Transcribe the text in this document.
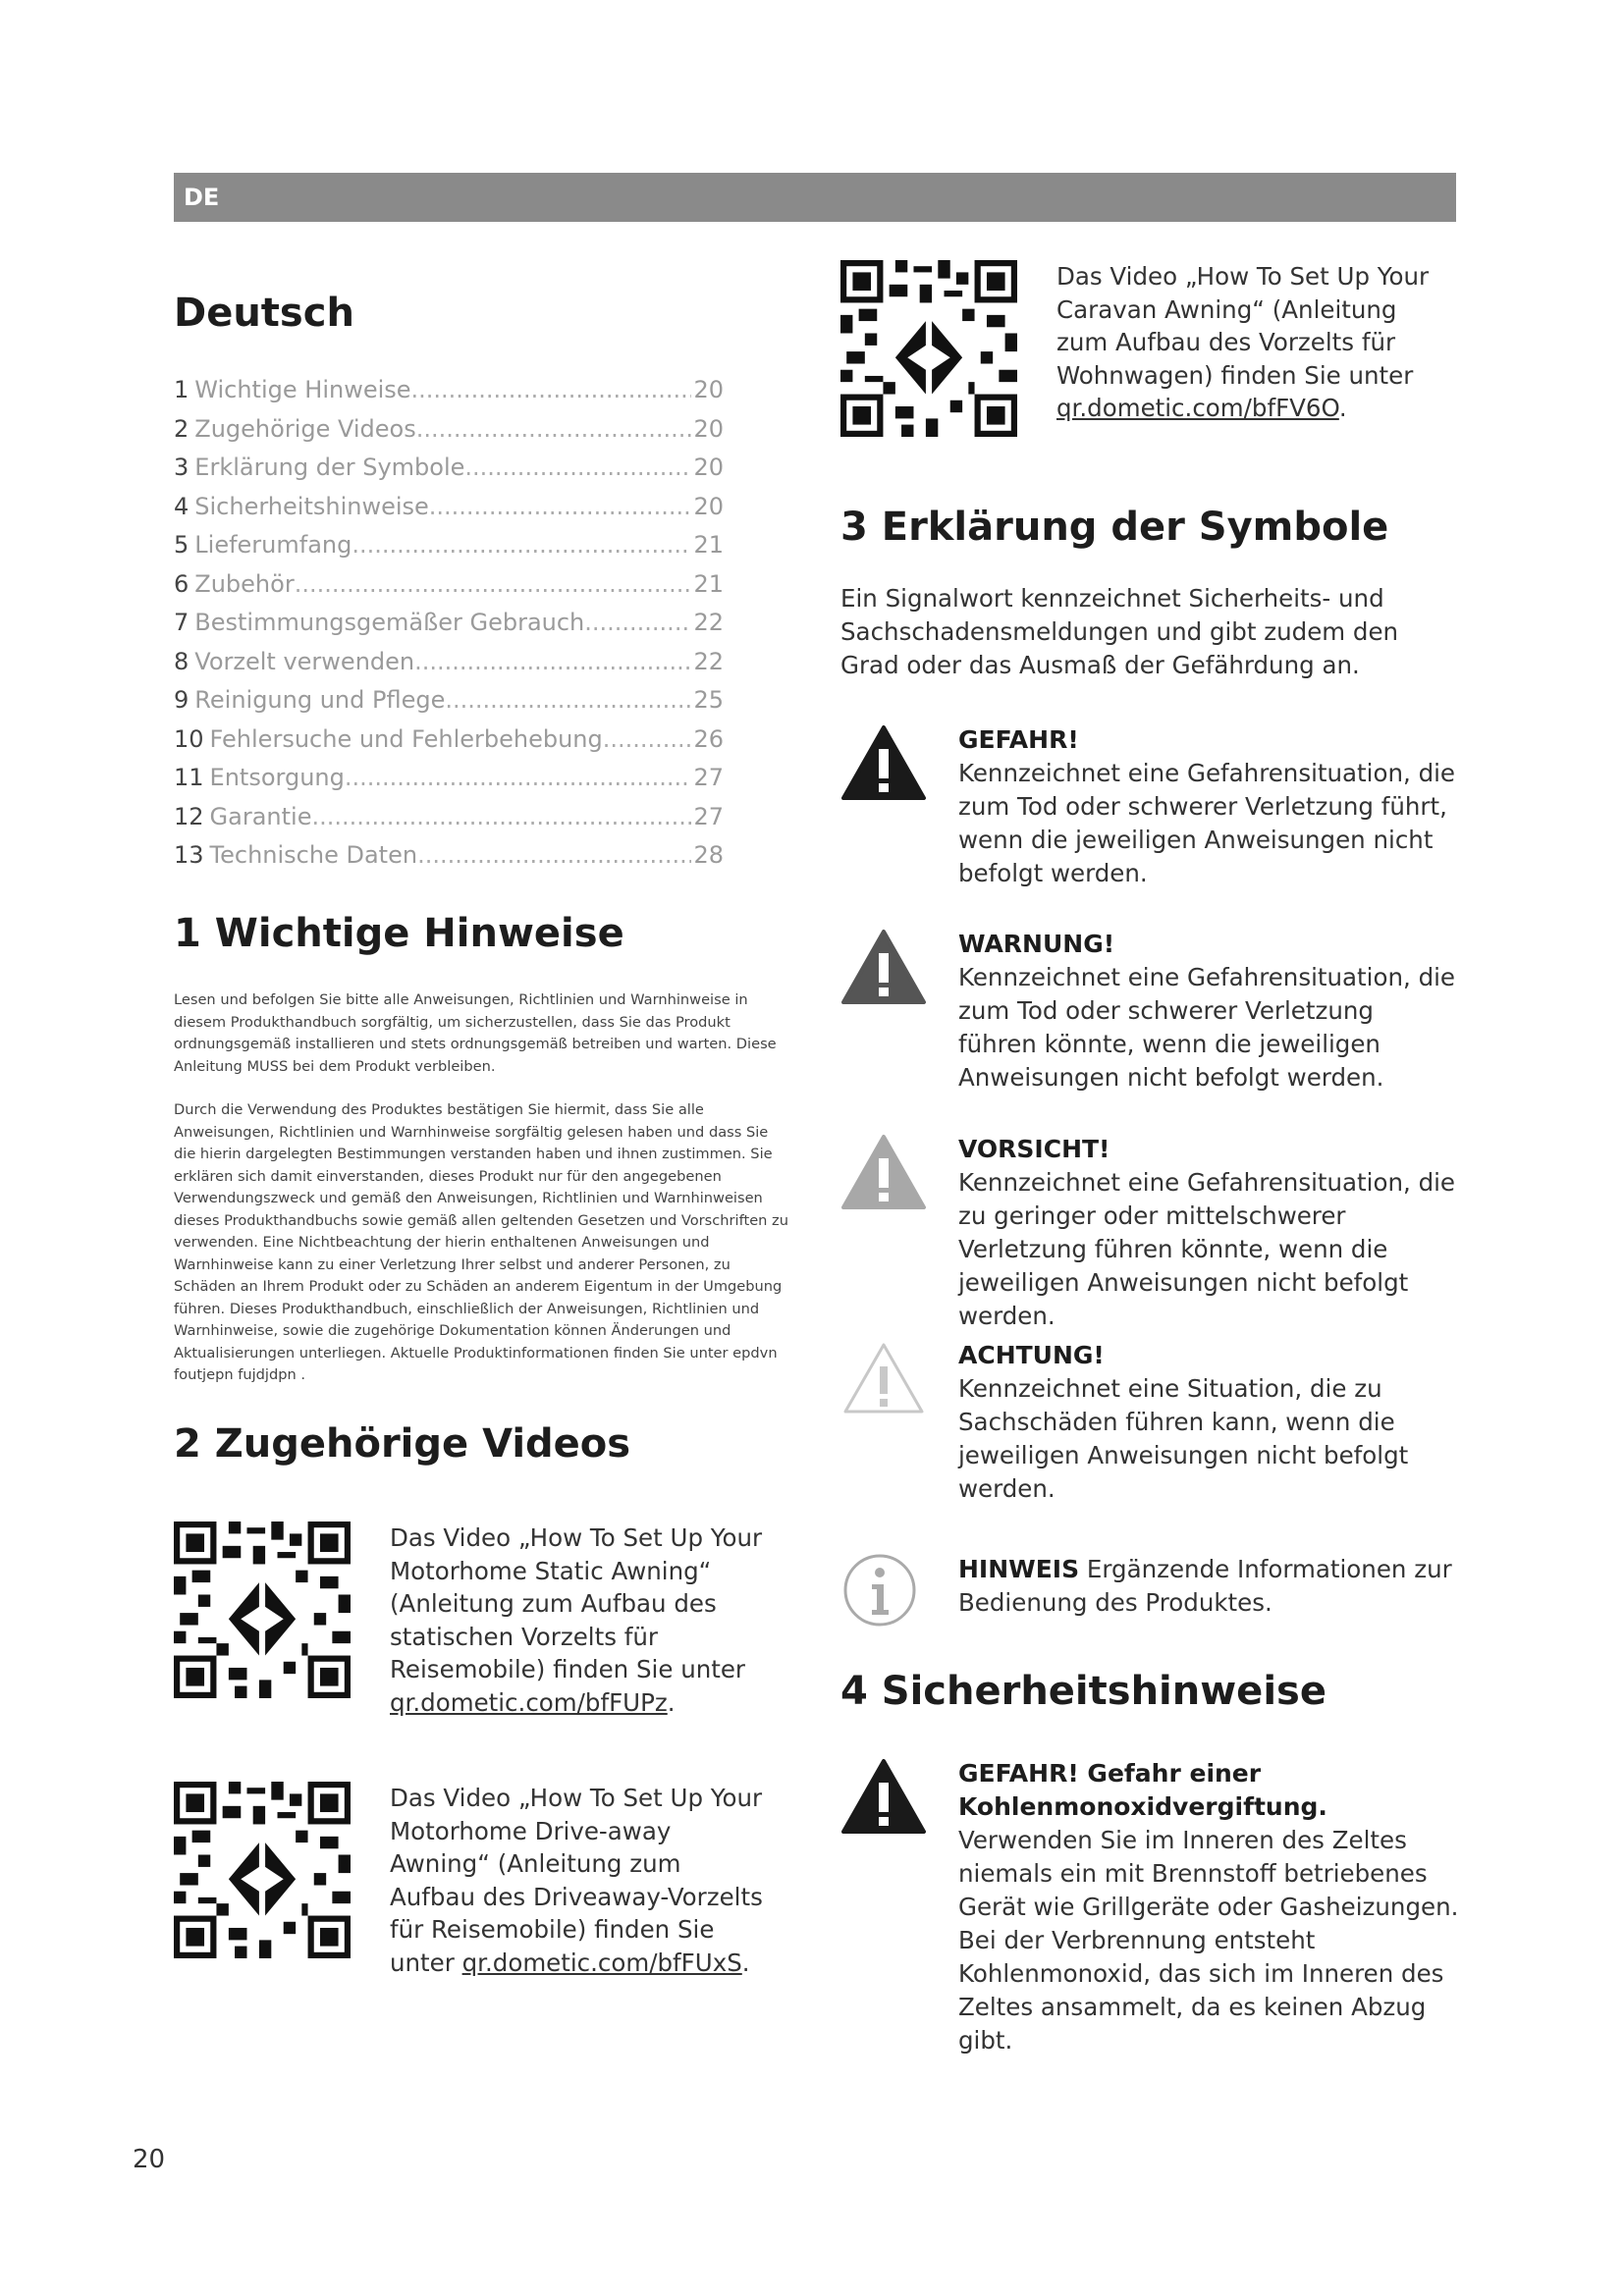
DE
Deutsch
1 Wichtige Hinweise .....	20
2 Zugehörige Videos .....	20
3 Erklärung der Symbole .....	20
4 Sicherheitshinweise .....	20
5 Lieferumfang .....	21
6 Zubehör .....	21
7 Bestimmungsgemäßer Gebrauch .....	22
8 Vorzelt verwenden .....	22
9 Reinigung und Pflege .....	25
10 Fehlersuche und Fehlerbehebung .....	26
11 Entsorgung .....	27
12 Garantie .....	27
13 Technische Daten .....	28
1 Wichtige Hinweise

Lesen und befolgen Sie bitte alle Anweisungen, Richtlinien und Warnhinweise in diesem Produkthandbuch sorgfältig, um sicherzustellen, dass Sie das Produkt ordnungsgemäß installieren und stets ordnungsgemäß betreiben und warten. Diese Anleitung MUSS bei dem Produkt verbleiben.

Durch die Verwendung des Produktes bestätigen Sie hiermit, dass Sie alle Anweisungen, Richtlinien und Warnhinweise sorgfältig gelesen haben und dass Sie die hierin dargelegten Bestimmungen verstanden haben und ihnen zustimmen. Sie erklären sich damit einverstanden, dieses Produkt nur für den angegebenen Verwendungszweck und gemäß den Anweisungen, Richtlinien und Warnhinweisen dieses Produkthandbuchs sowie gemäß allen geltenden Gesetzen und Vorschriften zu verwenden. Eine Nichtbeachtung der hierin enthaltenen Anweisungen und Warnhinweise kann zu einer Verletzung Ihrer selbst und anderer Personen, zu Schäden an Ihrem Produkt oder zu Schäden an anderem Eigentum in der Umgebung führen. Dieses Produkthandbuch, einschließlich der Anweisungen, Richtlinien und Warnhinweise, sowie die zugehörige Dokumentation können Änderungen und Aktualisierungen unterliegen. Aktuelle Produktinformationen finden Sie unter epdvn foutjepn fujdjdpn .

2 Zugehörige Videos
Das Video „How To Set Up Your Motorhome Static Awning“ (Anleitung zum Aufbau des statischen Vorzelts für Reisemobile) finden Sie unter qr.dometic.com/bfFUPz.
Das Video „How To Set Up Your Motorhome Drive-away Awning“ (Anleitung zum Aufbau des Driveaway-Vorzelts für Reisemobile) finden Sie unter qr.dometic.com/bfFUxS.
20
Das Video „How To Set Up Your Caravan Awning“ (Anleitung zum Aufbau des Vorzelts für Wohnwagen) finden Sie unter qr.dometic.com/bfFV6O.
3 Erklärung der Symbole

Ein Signalwort kennzeichnet Sicherheits- und Sachschadensmeldungen und gibt zudem den Grad oder das Ausmaß der Gefährdung an.

GEFAHR!
Kennzeichnet eine Gefahrensituation, die zum Tod oder schwerer Verletzung führt, wenn die jeweiligen Anweisungen nicht befolgt werden.
WARNUNG!
Kennzeichnet eine Gefahrensituation, die zum Tod oder schwerer Verletzung führen könnte, wenn die jeweiligen Anweisungen nicht befolgt werden.
VORSICHT!
Kennzeichnet eine Gefahrensituation, die zu geringer oder mittelschwerer Verletzung führen könnte, wenn die jeweiligen Anweisungen nicht befolgt werden.
ACHTUNG!
Kennzeichnet eine Situation, die zu Sachschäden führen kann, wenn die jeweiligen Anweisungen nicht befolgt werden.
HINWEIS Ergänzende Informationen zur Bedienung des Produktes.
4 Sicherheitshinweise
GEFAHR! Gefahr einer Kohlenmonoxidvergiftung.
Verwenden Sie im Inneren des Zeltes niemals ein mit Brennstoff betriebenes Gerät wie Grillgeräte oder Gasheizungen. Bei der Verbrennung entsteht Kohlenmonoxid, das sich im Inneren des Zeltes ansammelt, da es keinen Abzug gibt.
